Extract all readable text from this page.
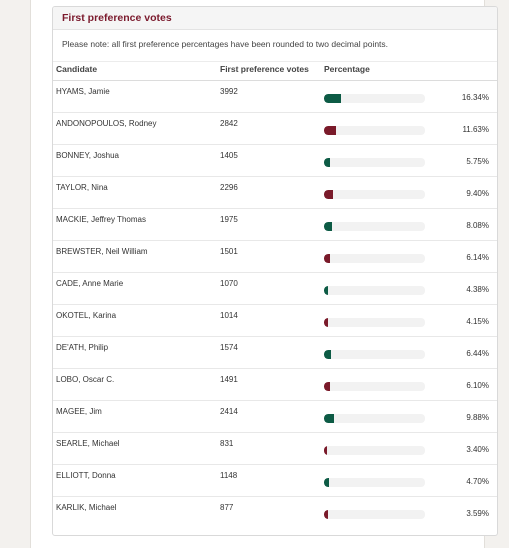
First preference votes
Please note: all first preference percentages have been rounded to two decimal points.
Candidate	First preference votes	Percentage	
HYAMS, Jamie	3992		16.34%
ANDONOPOULOS, Rodney	2842		11.63%
BONNEY, Joshua	1405		5.75%
TAYLOR, Nina	2296		9.40%
MACKIE, Jeffrey Thomas	1975		8.08%
BREWSTER, Neil William	1501		6.14%
CADE, Anne Marie	1070		4.38%
OKOTEL, Karina	1014		4.15%
DE'ATH, Philip	1574		6.44%
LOBO, Oscar C.	1491		6.10%
MAGEE, Jim	2414		9.88%
SEARLE, Michael	831		3.40%
ELLIOTT, Donna	1148		4.70%
KARLIK, Michael	877		3.59%
